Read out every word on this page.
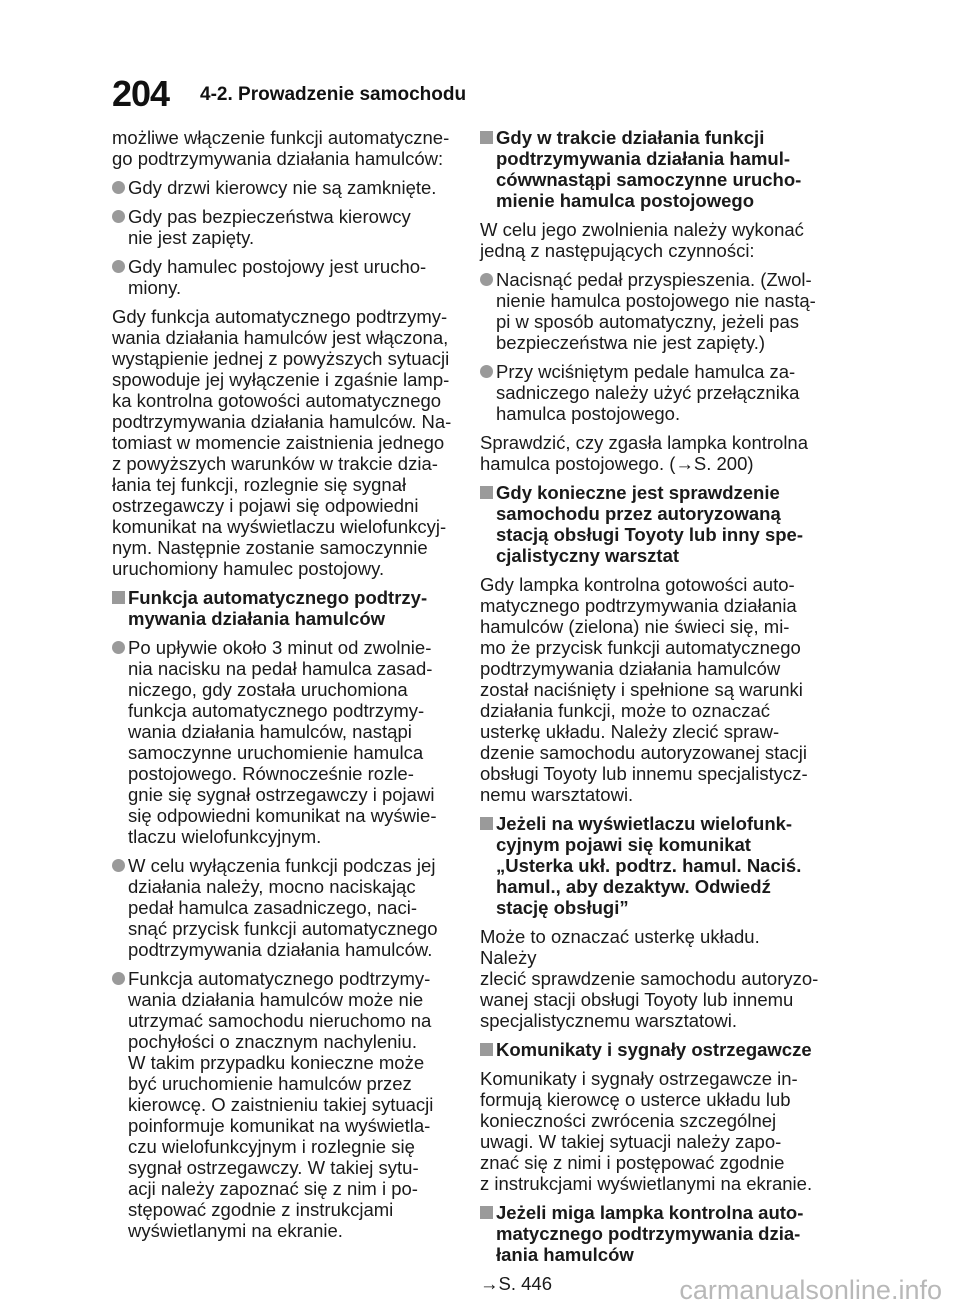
204 4-2. Prowadzenie samochodu

możliwe włączenie funkcji automatyczne-
go podtrzymywania działania hamulców:

Gdy drzwi kierowcy nie są zamknięte.
Gdy pas bezpieczeństwa kierowcy
nie jest zapięty.
Gdy hamulec postojowy jest urucho-
miony.

Gdy funkcja automatycznego podtrzymy-
wania działania hamulców jest włączona,
wystąpienie jednej z powyższych sytuacji
spowoduje jej wyłączenie i zgaśnie lamp-
ka kontrolna gotowości automatycznego
podtrzymywania działania hamulców. Na-
tomiast w momencie zaistnienia jednego
z powyższych warunków w trakcie dzia-
łania tej funkcji, rozlegnie się sygnał
ostrzegawczy i pojawi się odpowiedni
komunikat na wyświetlaczu wielofunkcyj-
nym. Następnie zostanie samoczynnie
uruchomiony hamulec postojowy.

Funkcja automatycznego podtrzy-
mywania działania hamulców
Po upływie około 3 minut od zwolnie-
nia nacisku na pedał hamulca zasad-
niczego, gdy została uruchomiona
funkcja automatycznego podtrzymy-
wania działania hamulców, nastąpi
samoczynne uruchomienie hamulca
postojowego. Równocześnie rozle-
gnie się sygnał ostrzegawczy i pojawi
się odpowiedni komunikat na wyświe-
tlaczu wielofunkcyjnym.
W celu wyłączenia funkcji podczas jej
działania należy, mocno naciskając
pedał hamulca zasadniczego, naci-
snąć przycisk funkcji automatycznego
podtrzymywania działania hamulców.
Funkcja automatycznego podtrzymy-
wania działania hamulców może nie
utrzymać samochodu nieruchomo na
pochyłości o znacznym nachyleniu.
W takim przypadku konieczne może
być uruchomienie hamulców przez
kierowcę. O zaistnieniu takiej sytuacji
poinformuje komunikat na wyświetla-
czu wielofunkcyjnym i rozlegnie się
sygnał ostrzegawczy. W takiej sytu-
acji należy zapoznać się z nim i po-
stępować zgodnie z instrukcjami
wyświetlanymi na ekranie.
Gdy w trakcie działania funkcji
podtrzymywania działania hamul-
cówwnastąpi samoczynne urucho-
mienie hamulca postojowego

W celu jego zwolnienia należy wykonać
jedną z następujących czynności:

Nacisnąć pedał przyspieszenia. (Zwol-
nienie hamulca postojowego nie nastą-
pi w sposób automatyczny, jeżeli pas
bezpieczeństwa nie jest zapięty.)
Przy wciśniętym pedale hamulca za-
sadniczego należy użyć przełącznika
hamulca postojowego.

Sprawdzić, czy zgasła lampka kontrolna
hamulca postojowego. (→S. 200)

Gdy konieczne jest sprawdzenie
samochodu przez autoryzowaną
stacją obsługi Toyoty lub inny spe-
cjalistyczny warsztat

Gdy lampka kontrolna gotowości auto-
matycznego podtrzymywania działania
hamulców (zielona) nie świeci się, mi-
mo że przycisk funkcji automatycznego
podtrzymywania działania hamulców
został naciśnięty i spełnione są warunki
działania funkcji, może to oznaczać
usterkę układu. Należy zlecić spraw-
dzenie samochodu autoryzowanej stacji
obsługi Toyoty lub innemu specjalistycz-
nemu warsztatowi.

Jeżeli na wyświetlaczu wielofunk-
cyjnym pojawi się komunikat
„Usterka ukł. podtrz. hamul. Naciś.
hamul., aby dezaktyw. Odwiedź
stację obsługi”

Może to oznaczać usterkę układu. Należy
zlecić sprawdzenie samochodu autoryzo-
wanej stacji obsługi Toyoty lub innemu
specjalistycznemu warsztatowi.

Komunikaty i sygnały ostrzegawcze

Komunikaty i sygnały ostrzegawcze in-
formują kierowcę o usterce układu lub
konieczności zwrócenia szczególnej
uwagi. W takiej sytuacji należy zapo-
znać się z nimi i postępować zgodnie
z instrukcjami wyświetlanymi na ekranie.

Jeżeli miga lampka kontrolna auto-
matycznego podtrzymywania dzia-
łania hamulców

→S. 446	carmanualsonline.info
